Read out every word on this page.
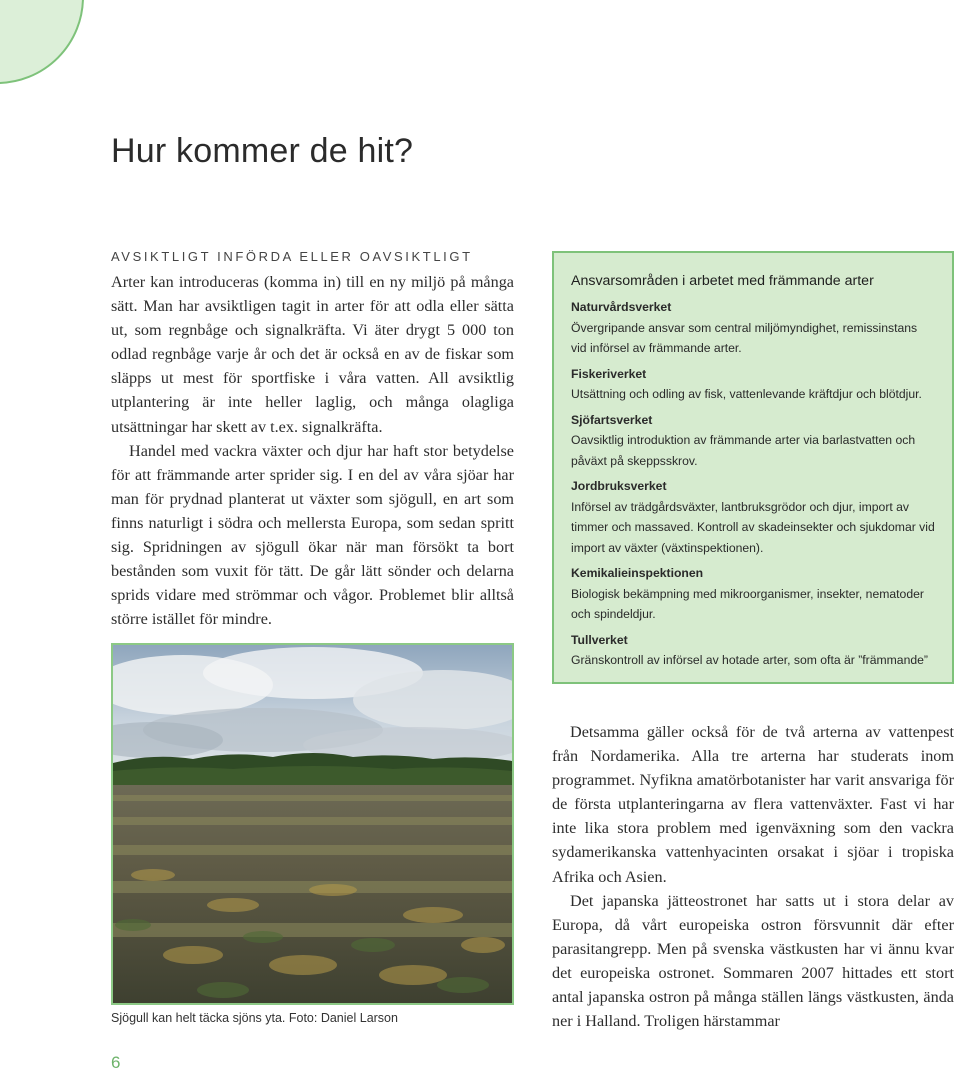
Hur kommer de hit?
AVSIKTLIGT INFÖRDA ELLER OAVSIKTLIGT

Arter kan introduceras (komma in) till en ny miljö på många sätt. Man har avsiktligen tagit in arter för att odla eller sätta ut, som regnbåge och signalkräfta. Vi äter drygt 5 000 ton odlad regnbåge varje år och det är också en av de fiskar som släpps ut mest för sportfiske i våra vatten. All avsiktlig utplantering är inte heller laglig, och många olagliga utsättningar har skett av t.ex. signalkräfta.

Handel med vackra växter och djur har haft stor betydelse för att främmande arter sprider sig. I en del av våra sjöar har man för prydnad planterat ut växter som sjögull, en art som finns naturligt i södra och mellersta Europa, som sedan spritt sig. Spridningen av sjögull ökar när man försökt ta bort bestånden som vuxit för tätt. De går lätt sönder och delarna sprids vidare med strömmar och vågor. Problemet blir alltså större istället för mindre.

Ansvarsområden i arbetet med främmande arter

Naturvårdsverket

Övergripande ansvar som central miljömyndighet, remissinstans vid införsel av främmande arter.

Fiskeriverket

Utsättning och odling av fisk, vattenlevande kräftdjur och blötdjur.

Sjöfartsverket

Oavsiktlig introduktion av främmande arter via barlastvatten och påväxt på skeppsskrov.

Jordbruksverket

Införsel av trädgårdsväxter, lantbruksgrödor och djur, import av timmer och massaved. Kontroll av skadeinsekter och sjukdomar vid import av växter (växtinspektionen).

Kemikalieinspektionen

Biologisk bekämpning med mikroorganismer, insekter, nematoder och spindeldjur.

Tullverket

Gränskontroll av införsel av hotade arter, som ofta är ”främmande”

Sjögull kan helt täcka sjöns yta. Foto: Daniel Larson

Detsamma gäller också för de två arterna av vattenpest från Nordamerika. Alla tre arterna har studerats inom programmet. Nyfikna amatörbotanister har varit ansvariga för de första utplanteringarna av flera vattenväxter. Fast vi har inte lika stora problem med igenväxning som den vackra sydamerikanska vattenhyacinten orsakat i sjöar i tropiska Afrika och Asien.

Det japanska jätteostronet har satts ut i stora delar av Europa, då vårt europeiska ostron försvunnit där efter parasitangrepp. Men på svenska västkusten har vi ännu kvar det europeiska ostronet. Sommaren 2007 hittades ett stort antal japanska ostron på många ställen längs västkusten, ända ner i Halland. Troligen härstammar

6
